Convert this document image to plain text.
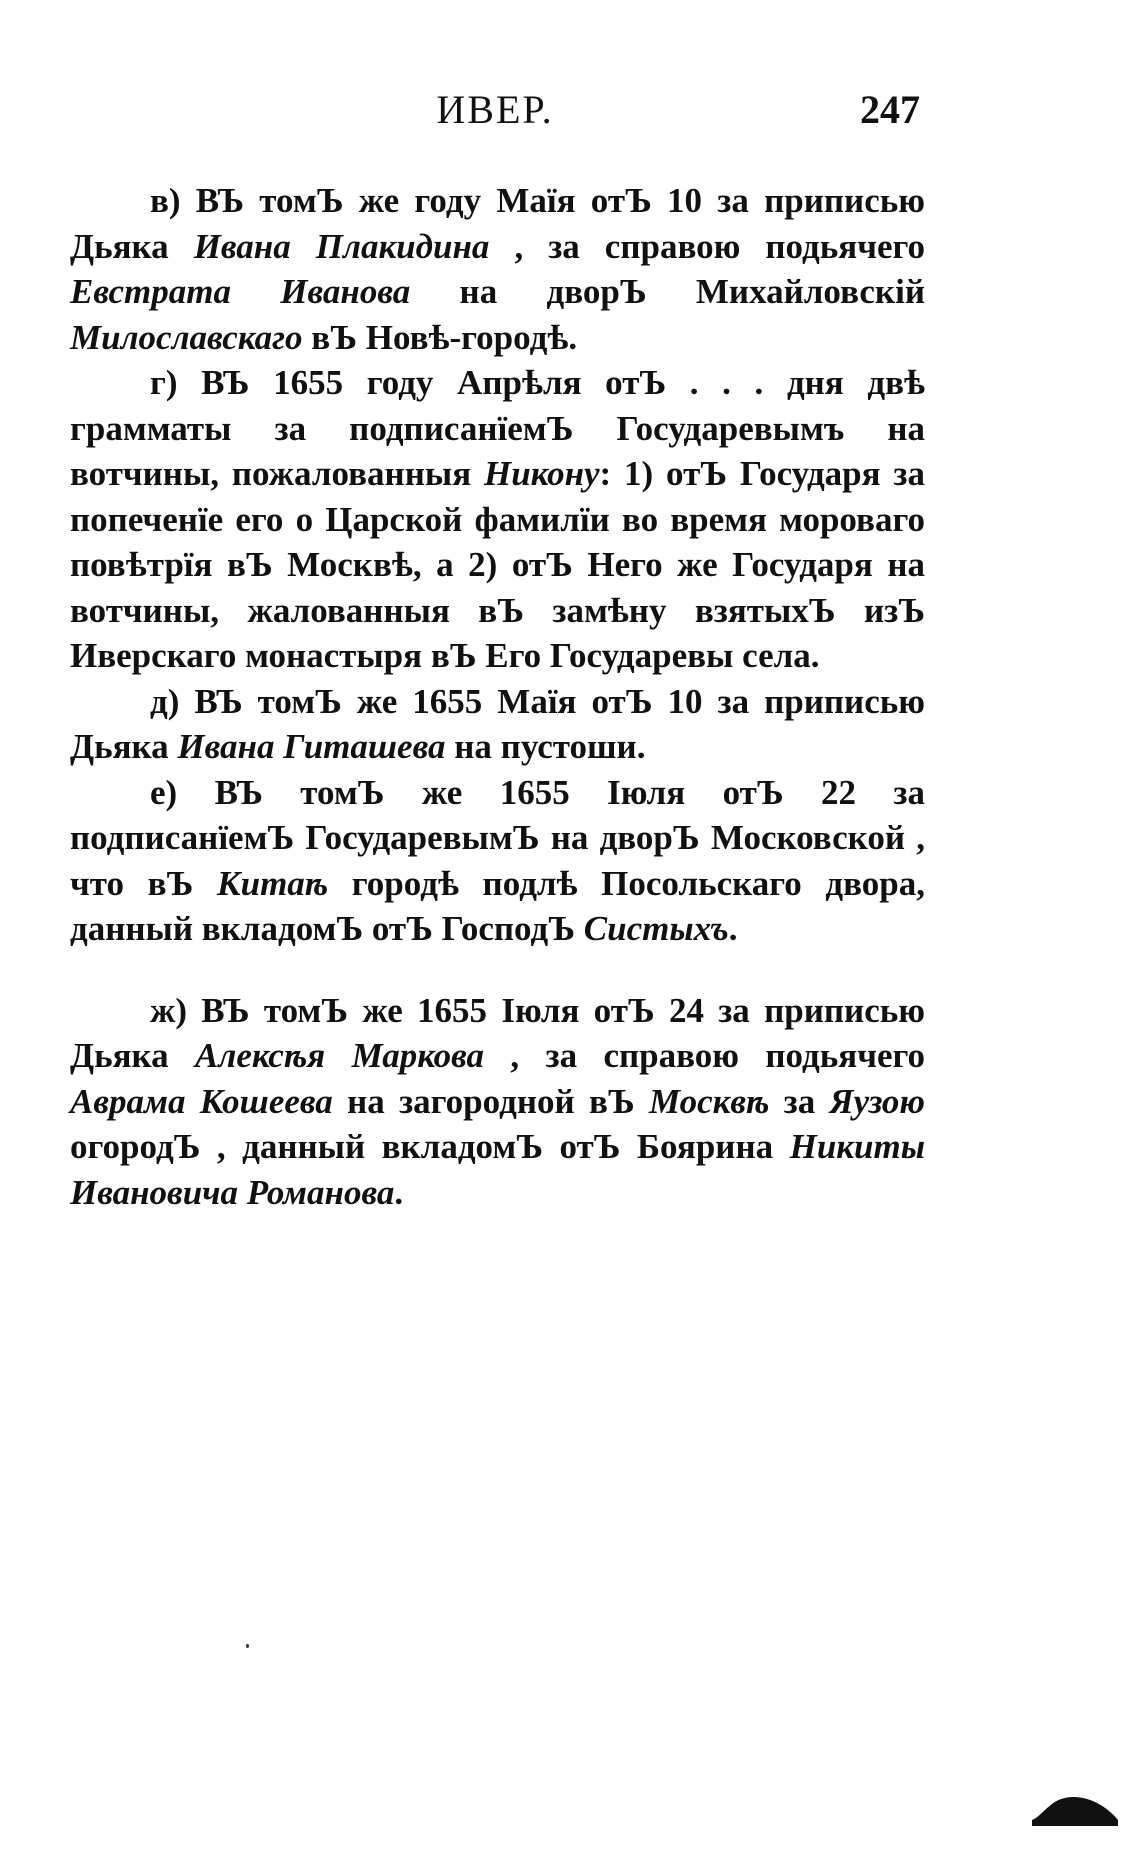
ИВЕР.	247

в) ВЪ томЪ же году Маїя отЪ 10 за приписью Дьяка Ивана Плакидина , за справою подьячего Евстрата Иванова на дворЪ Михайловскій Милославскаго вЪ Новѣ-городѣ.

г) ВЪ 1655 году Апрѣля отЪ . . . дня двѣ грамматы за подписанїемЪ Государевымъ на вотчины, пожалованныя Никону: 1) отЪ Государя за попеченїе его о Царской фамилїи во время мороваго повѣтрїя вЪ Москвѣ, а 2) отЪ Него же Государя на вотчины, жалованныя вЪ замѣну взятыхЪ изЪ Иверскаго монастыря вЪ Его Государевы села.

д) ВЪ томЪ же 1655 Маїя отЪ 10 за приписью Дьяка Ивана Гиташева на пустоши.

е) ВЪ томЪ же 1655 Іюля отЪ 22 за подписанїемЪ ГосударевымЪ на дворЪ Московской , что вЪ Китаѣ городѣ подлѣ Посольскаго двора, данный вкладомЪ отЪ ГосподЪ Систыхъ.

ж) ВЪ томЪ же 1655 Іюля отЪ 24 за приписью Дьяка Алексѣя Маркова , за справою подьячего Аврама Кошеева на загородной вЪ Москвѣ за Яузою огородЪ , данный вкладомЪ отЪ Боярина Никиты Ивановича Романова.
